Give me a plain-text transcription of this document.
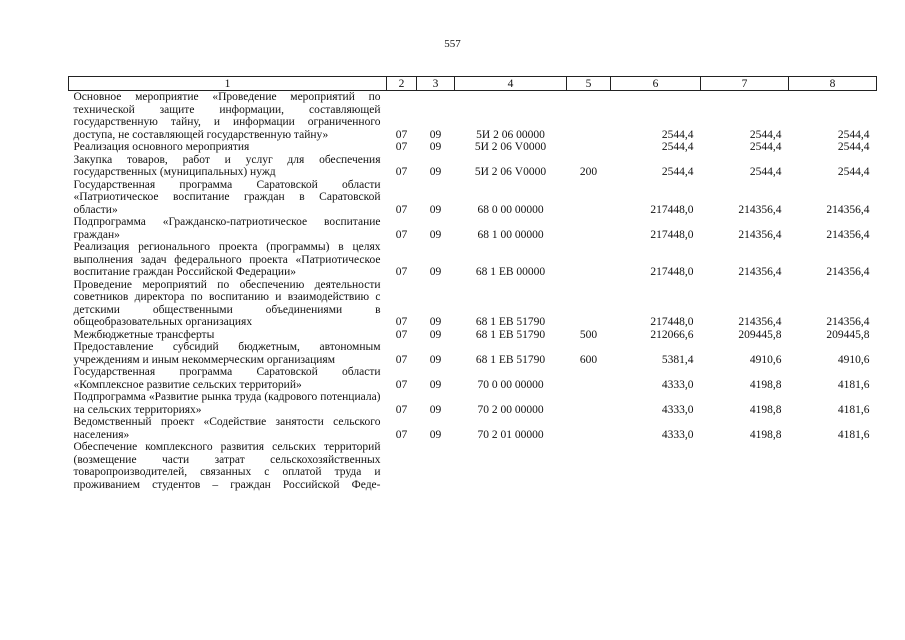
557
1	2	3	4	5	6	7	8
Основное мероприятие «Проведение мероприятий по технической защите информации, составляющей государственную тайну, и информации ограниченного доступа, не составляющей государственную тайну»	07	09	5И 2 06 00000		2544,4	2544,4	2544,4
Реализация основного мероприятия	07	09	5И 2 06 V0000		2544,4	2544,4	2544,4
Закупка товаров, работ и услуг для обеспечения государственных (муниципальных) нужд	07	09	5И 2 06 V0000	200	2544,4	2544,4	2544,4
Государственная программа Саратовской области «Патриотическое воспитание граждан в Саратовской области»	07	09	68 0 00 00000		217448,0	214356,4	214356,4
Подпрограмма «Гражданско-патриотическое воспитание граждан»	07	09	68 1 00 00000		217448,0	214356,4	214356,4
Реализация регионального проекта (программы) в целях выполнения задач федерального проекта «Патриотическое воспитание граждан Российской Федерации»	07	09	68 1 EB 00000		217448,0	214356,4	214356,4
Проведение мероприятий по обеспечению деятельности советников директора по воспитанию и взаимодействию с детскими общественными объединениями в общеобразовательных организациях	07	09	68 1 EB 51790		217448,0	214356,4	214356,4
Межбюджетные трансферты	07	09	68 1 EB 51790	500	212066,6	209445,8	209445,8
Предоставление субсидий бюджетным, автономным учреждениям и иным некоммерческим организациям	07	09	68 1 EB 51790	600	5381,4	4910,6	4910,6
Государственная программа Саратовской области «Комплексное развитие сельских территорий»	07	09	70 0 00 00000		4333,0	4198,8	4181,6
Подпрограмма «Развитие рынка труда (кадрового потенциала) на сельских территориях»	07	09	70 2 00 00000		4333,0	4198,8	4181,6
Ведомственный проект «Содействие занятости сельского населения»	07	09	70 2 01 00000		4333,0	4198,8	4181,6
Обеспечение комплексного развития сельских территорий (возмещение части затрат сельскохозяйственных товаропроизводителей, связанных с оплатой труда и проживанием студентов – граждан Российской Феде-							
